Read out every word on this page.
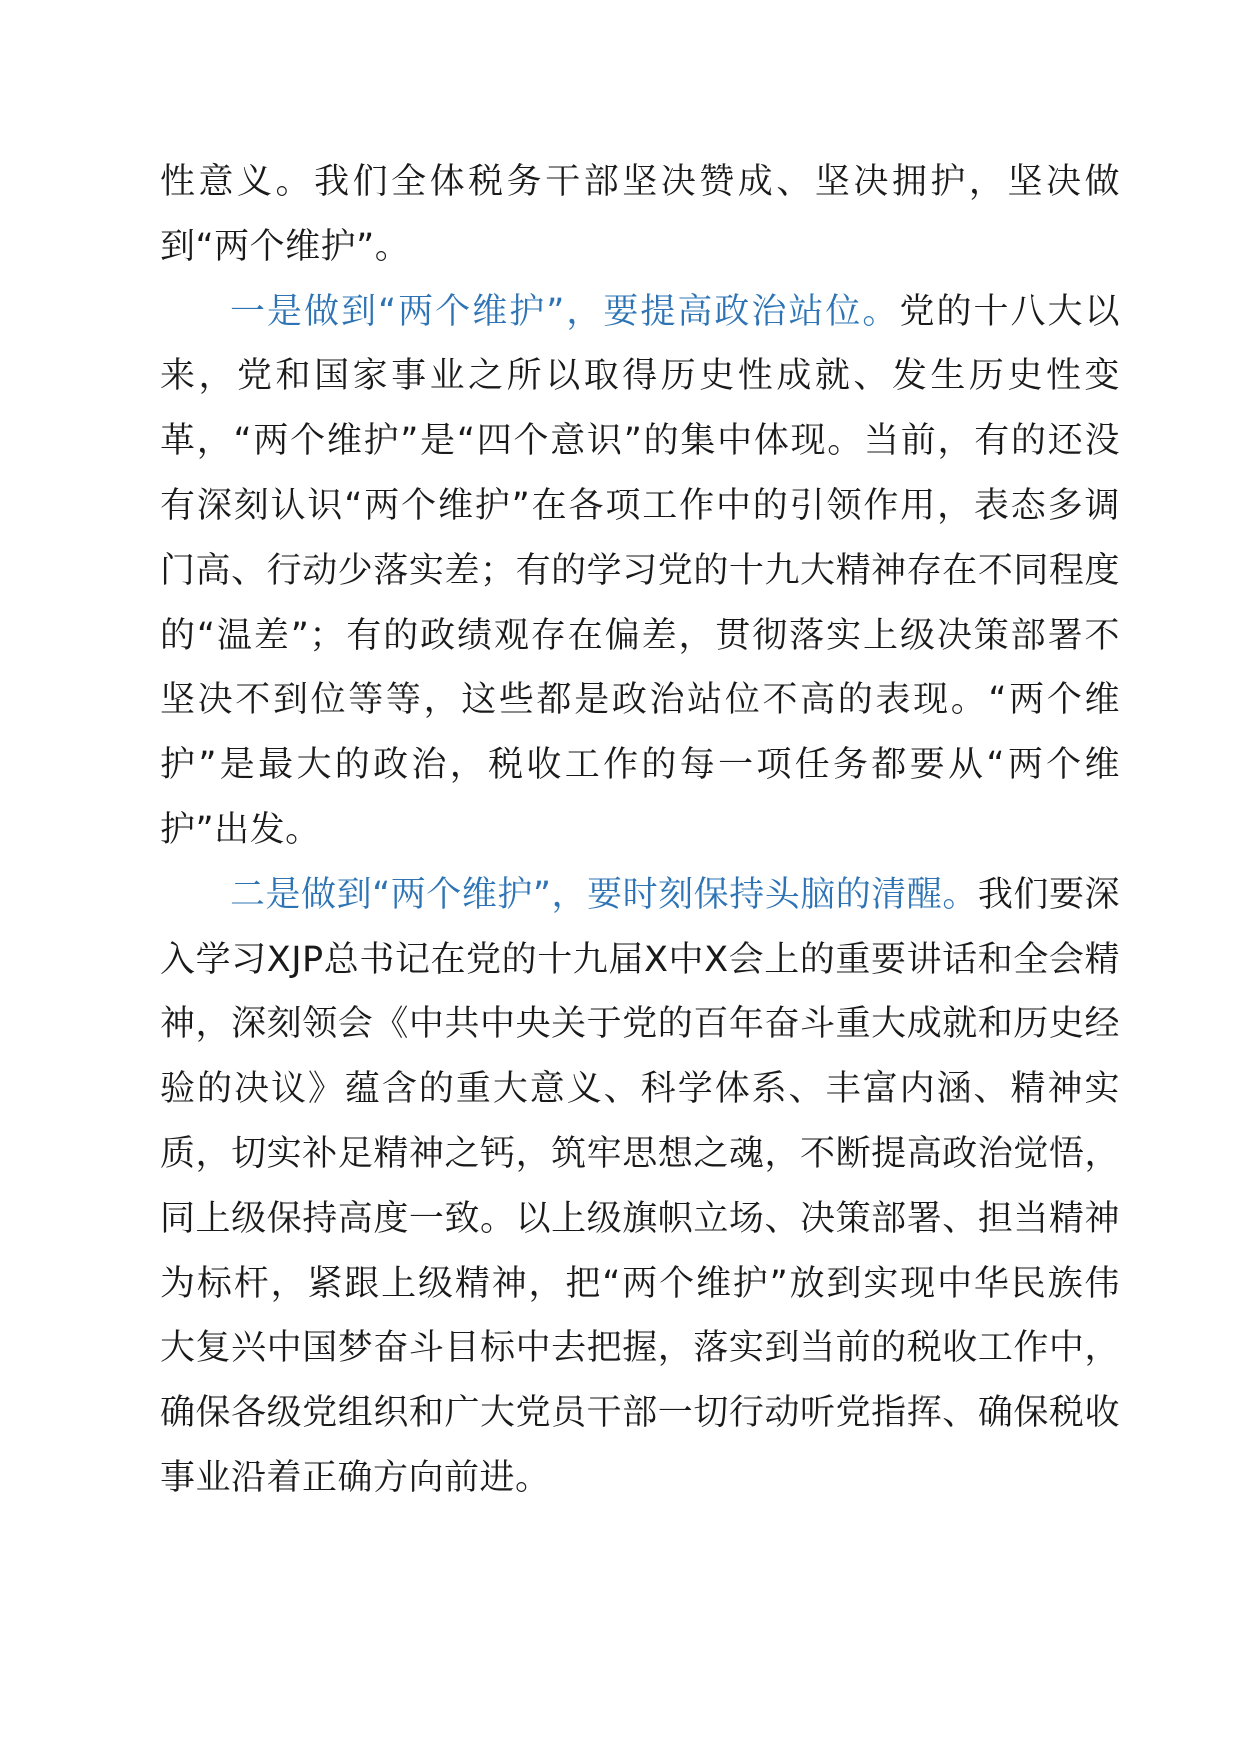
性意义。我们全体税务干部坚决赞成、坚决拥护，坚决做到“两个维护”。

一是做到“两个维护”，要提高政治站位。党的十八大以来，党和国家事业之所以取得历史性成就、发生历史性变革，“两个维护”是“四个意识”的集中体现。当前，有的还没有深刻认识“两个维护”在各项工作中的引领作用，表态多调门高、行动少落实差；有的学习党的十九大精神存在不同程度的“温差”；有的政绩观存在偏差，贯彻落实上级决策部署不坚决不到位等等，这些都是政治站位不高的表现。“两个维护”是最大的政治，税收工作的每一项任务都要从“两个维护”出发。

二是做到“两个维护”，要时刻保持头脑的清醒。我们要深入学习XJP总书记在党的十九届X中X会上的重要讲话和全会精神，深刻领会《中共中央关于党的百年奋斗重大成就和历史经验的决议》蕴含的重大意义、科学体系、丰富内涵、精神实质，切实补足精神之钙，筑牢思想之魂，不断提高政治觉悟，同上级保持高度一致。以上级旗帜立场、决策部署、担当精神为标杆，紧跟上级精神，把“两个维护”放到实现中华民族伟大复兴中国梦奋斗目标中去把握，落实到当前的税收工作中，确保各级党组织和广大党员干部一切行动听党指挥、确保税收事业沿着正确方向前进。
